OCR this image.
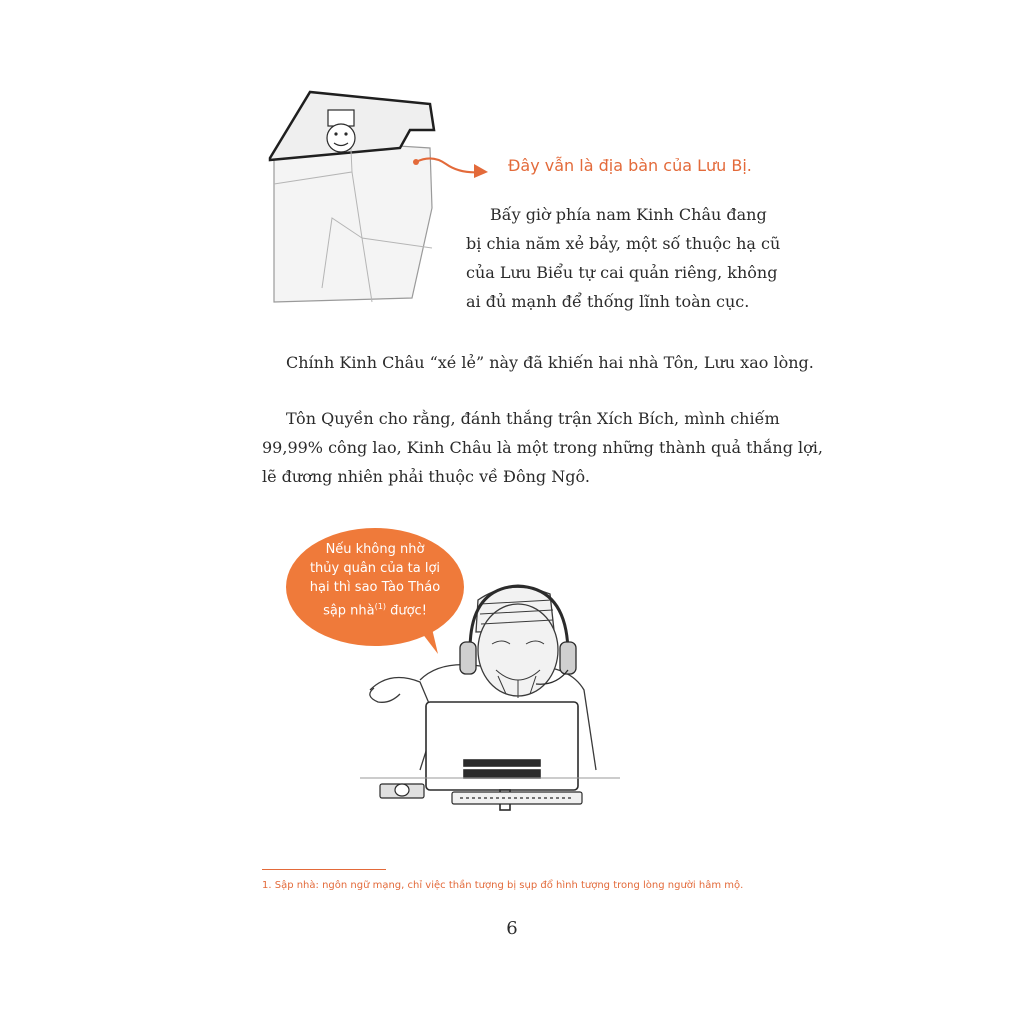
Đây vẫn là địa bàn của Lưu Bị.
Bấy giờ phía nam Kinh Châu đang
bị chia năm xẻ bảy, một số thuộc hạ cũ
của Lưu Biểu tự cai quản riêng, không
ai đủ mạnh để thống lĩnh toàn cục.
Chính Kinh Châu “xé lẻ” này đã khiến hai nhà Tôn, Lưu xao lòng.
Tôn Quyền cho rằng, đánh thắng trận Xích Bích, mình chiếm
99,99% công lao, Kinh Châu là một trong những thành quả thắng lợi,
lẽ đương nhiên phải thuộc về Đông Ngô.
Nếu không nhờ
thủy quân của ta lợi
hại thì sao Tào Tháo
sập nhà$^{(1)}$ được!
1. Sập nhà: ngôn ngữ mạng, chỉ việc thần tượng bị sụp đổ hình tượng trong lòng người hâm mộ.
6
